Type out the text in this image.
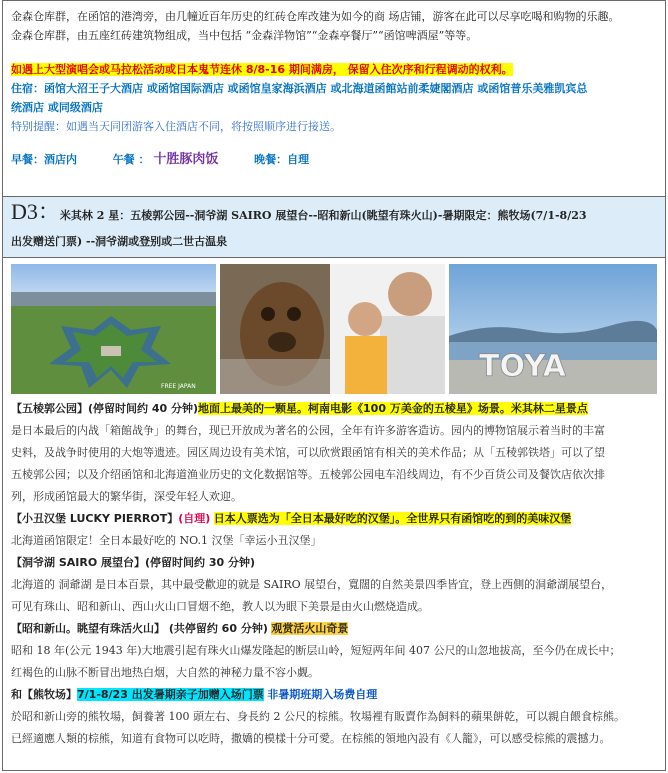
金森仓库群，在函馆的港湾旁，由几幢近百年历史的红砖仓库改建为如今的商 场店铺，游客在此可以尽享吃喝和购物的乐趣。

金森仓库群，由五座红砖建筑物组成，当中包括 “金森洋物馆”“金森亭餐厅”“函馆啤酒屋”等等。

如遇上大型演唱会或马拉松活动或日本鬼节连休 8/8-16 期间满房， 保留入住次序和行程调动的权利。

住宿：函馆大沼王子大酒店 或函馆国际酒店 或函馆皇家海浜酒店 或北海道函館站前柔婕閣酒店 或函馆普乐美雅凯宾总

统酒店 或同级酒店

特别提醒：如遇当天同团游客入住酒店不同，将按照顺序进行接送。

早餐：酒店内	午餐 ： 十胜豚肉饭	晚餐：自理

D3：米其林 2 星：五棱郭公园--洞爷湖 SAIRO 展望台--昭和新山(眺望有珠火山)-暑期限定：熊牧场(7/1-8/23

出发赠送门票) --洞爷湖或登别或二世古温泉

FREE JAPAN
TOYA

【五棱郭公园】(停留时间约 40 分钟)地面上最美的一颗星。柯南电影《100 万美金的五棱星》场景。米其林二星景点

是日本最后的内战「箱館战争」的舞台，现已开放成为著名的公园，全年有许多游客造访。园内的博物馆展示着当时的丰富

史料，及战争时使用的大炮等遗迹。园区周边设有美术馆，可以欣赏跟函馆有相关的美术作品；从「五稜郭铁塔」可以了望

五棱郭公园；以及介绍函馆和北海道渔业历史的文化数据馆等。五棱郭公园电车沿线周边，有不少百货公司及餐饮店依次排

列，形成函馆最大的繁华街，深受年轻人欢迎。

【小丑汉堡 LUCKY PIERROT】(自理) 日本人票选为「全日本最好吃的汉堡」。全世界只有函馆吃的到的美味汉堡

北海道函馆限定！全日本最好吃的 NO.1 汉堡「幸运小丑汉堡」

【洞爷湖 SAIRO 展望台】(停留时间约 30 分钟)

北海道的 洞爺湖 是日本百景，其中最受歡迎的就是 SAIRO 展望台，寬闊的自然美景四季皆宜，登上西側的洞爺湖展望台，

可见有珠山、昭和新山、西山火山口冒烟不绝，教人以为眼下美景是由火山燃烧造成。

【昭和新山。眺望有珠活火山】 (共停留约 60 分钟) 观赏活火山奇景

昭和 18 年(公元 1943 年)大地震引起有珠火山爆发隆起的断层山岭，短短两年间 407 公尺的山忽地拔高，至今仍在成长中；

红褐色的山脉不断冒出地热白烟，大自然的神秘力量不容小觑。

和【熊牧场】7/1-8/23 出发暑期亲子加赠入场门票 非暑期班期入场费自理

於昭和新山旁的熊牧場，飼養著 100 頭左右、身長約 2 公尺的棕熊。牧場裡有販賣作為飼料的蘋果餅乾，可以親自餵食棕熊。

已經適應人類的棕熊，知道有食物可以吃時，撒嬌的模樣十分可愛。在棕熊的領地內設有《人籠》，可以感受棕熊的震撼力。
